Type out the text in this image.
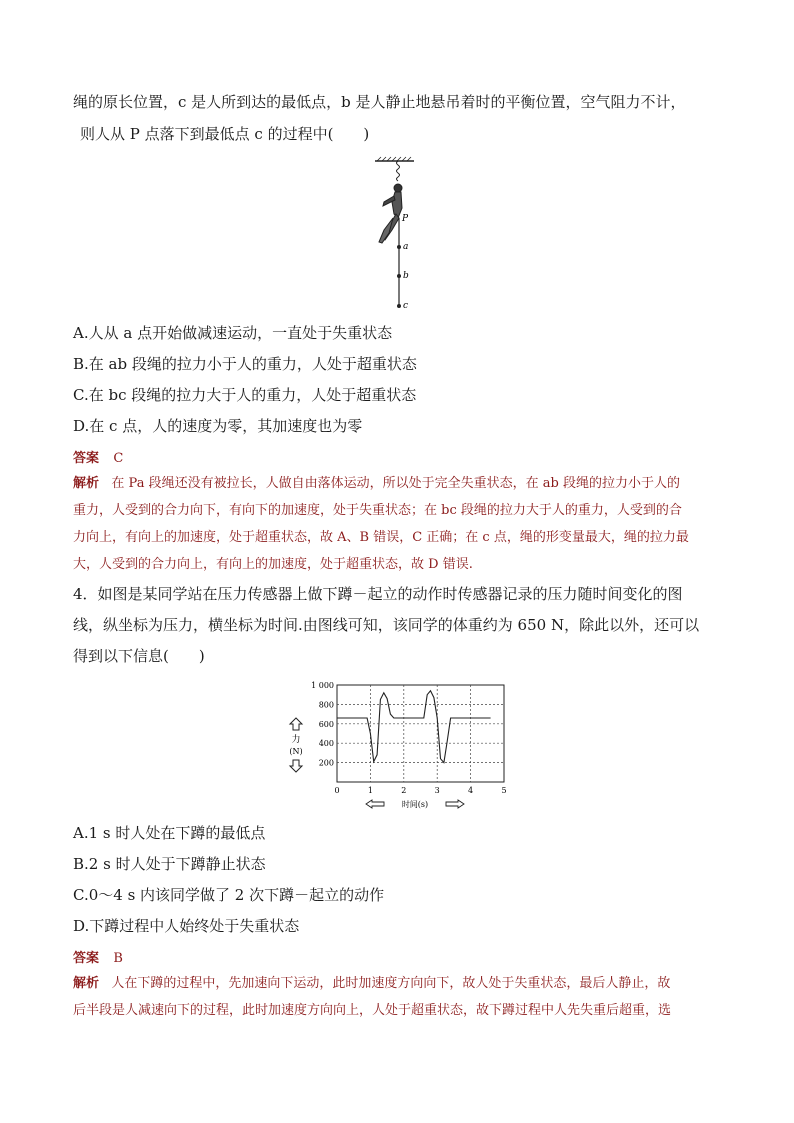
绳的原长位置，c 是人所到达的最低点，b 是人静止地悬吊着时的平衡位置，空气阻力不计，
则人从 P 点落下到最低点 c 的过程中(　　)
P
a
b
c
A.人从 a 点开始做减速运动，一直处于失重状态
B.在 ab 段绳的拉力小于人的重力，人处于超重状态
C.在 bc 段绳的拉力大于人的重力，人处于超重状态
D.在 c 点，人的速度为零，其加速度也为零
答案 C
解析 在 Pa 段绳还没有被拉长，人做自由落体运动，所以处于完全失重状态，在 ab 段绳的拉力小于人的
重力，人受到的合力向下，有向下的加速度，处于失重状态；在 bc 段绳的拉力大于人的重力，人受到的合
力向上，有向上的加速度，处于超重状态，故 A、B 错误，C 正确；在 c 点，绳的形变量最大，绳的拉力最
大，人受到的合力向上，有向上的加速度，处于超重状态，故 D 错误.
4．如图是某同学站在压力传感器上做下蹲－起立的动作时传感器记录的压力随时间变化的图
线，纵坐标为压力，横坐标为时间.由图线可知，该同学的体重约为 650 N，除此以外，还可以
得到以下信息(　　)
200
400
600
800
1 000
0	1	2	3	4	5
力
(N)
时间(s)
A.1 s 时人处在下蹲的最低点
B.2 s 时人处于下蹲静止状态
C.0～4 s 内该同学做了 2 次下蹲－起立的动作
D.下蹲过程中人始终处于失重状态
答案 B
解析 人在下蹲的过程中，先加速向下运动，此时加速度方向向下，故人处于失重状态，最后人静止，故
后半段是人减速向下的过程，此时加速度方向向上，人处于超重状态，故下蹲过程中人先失重后超重，选
